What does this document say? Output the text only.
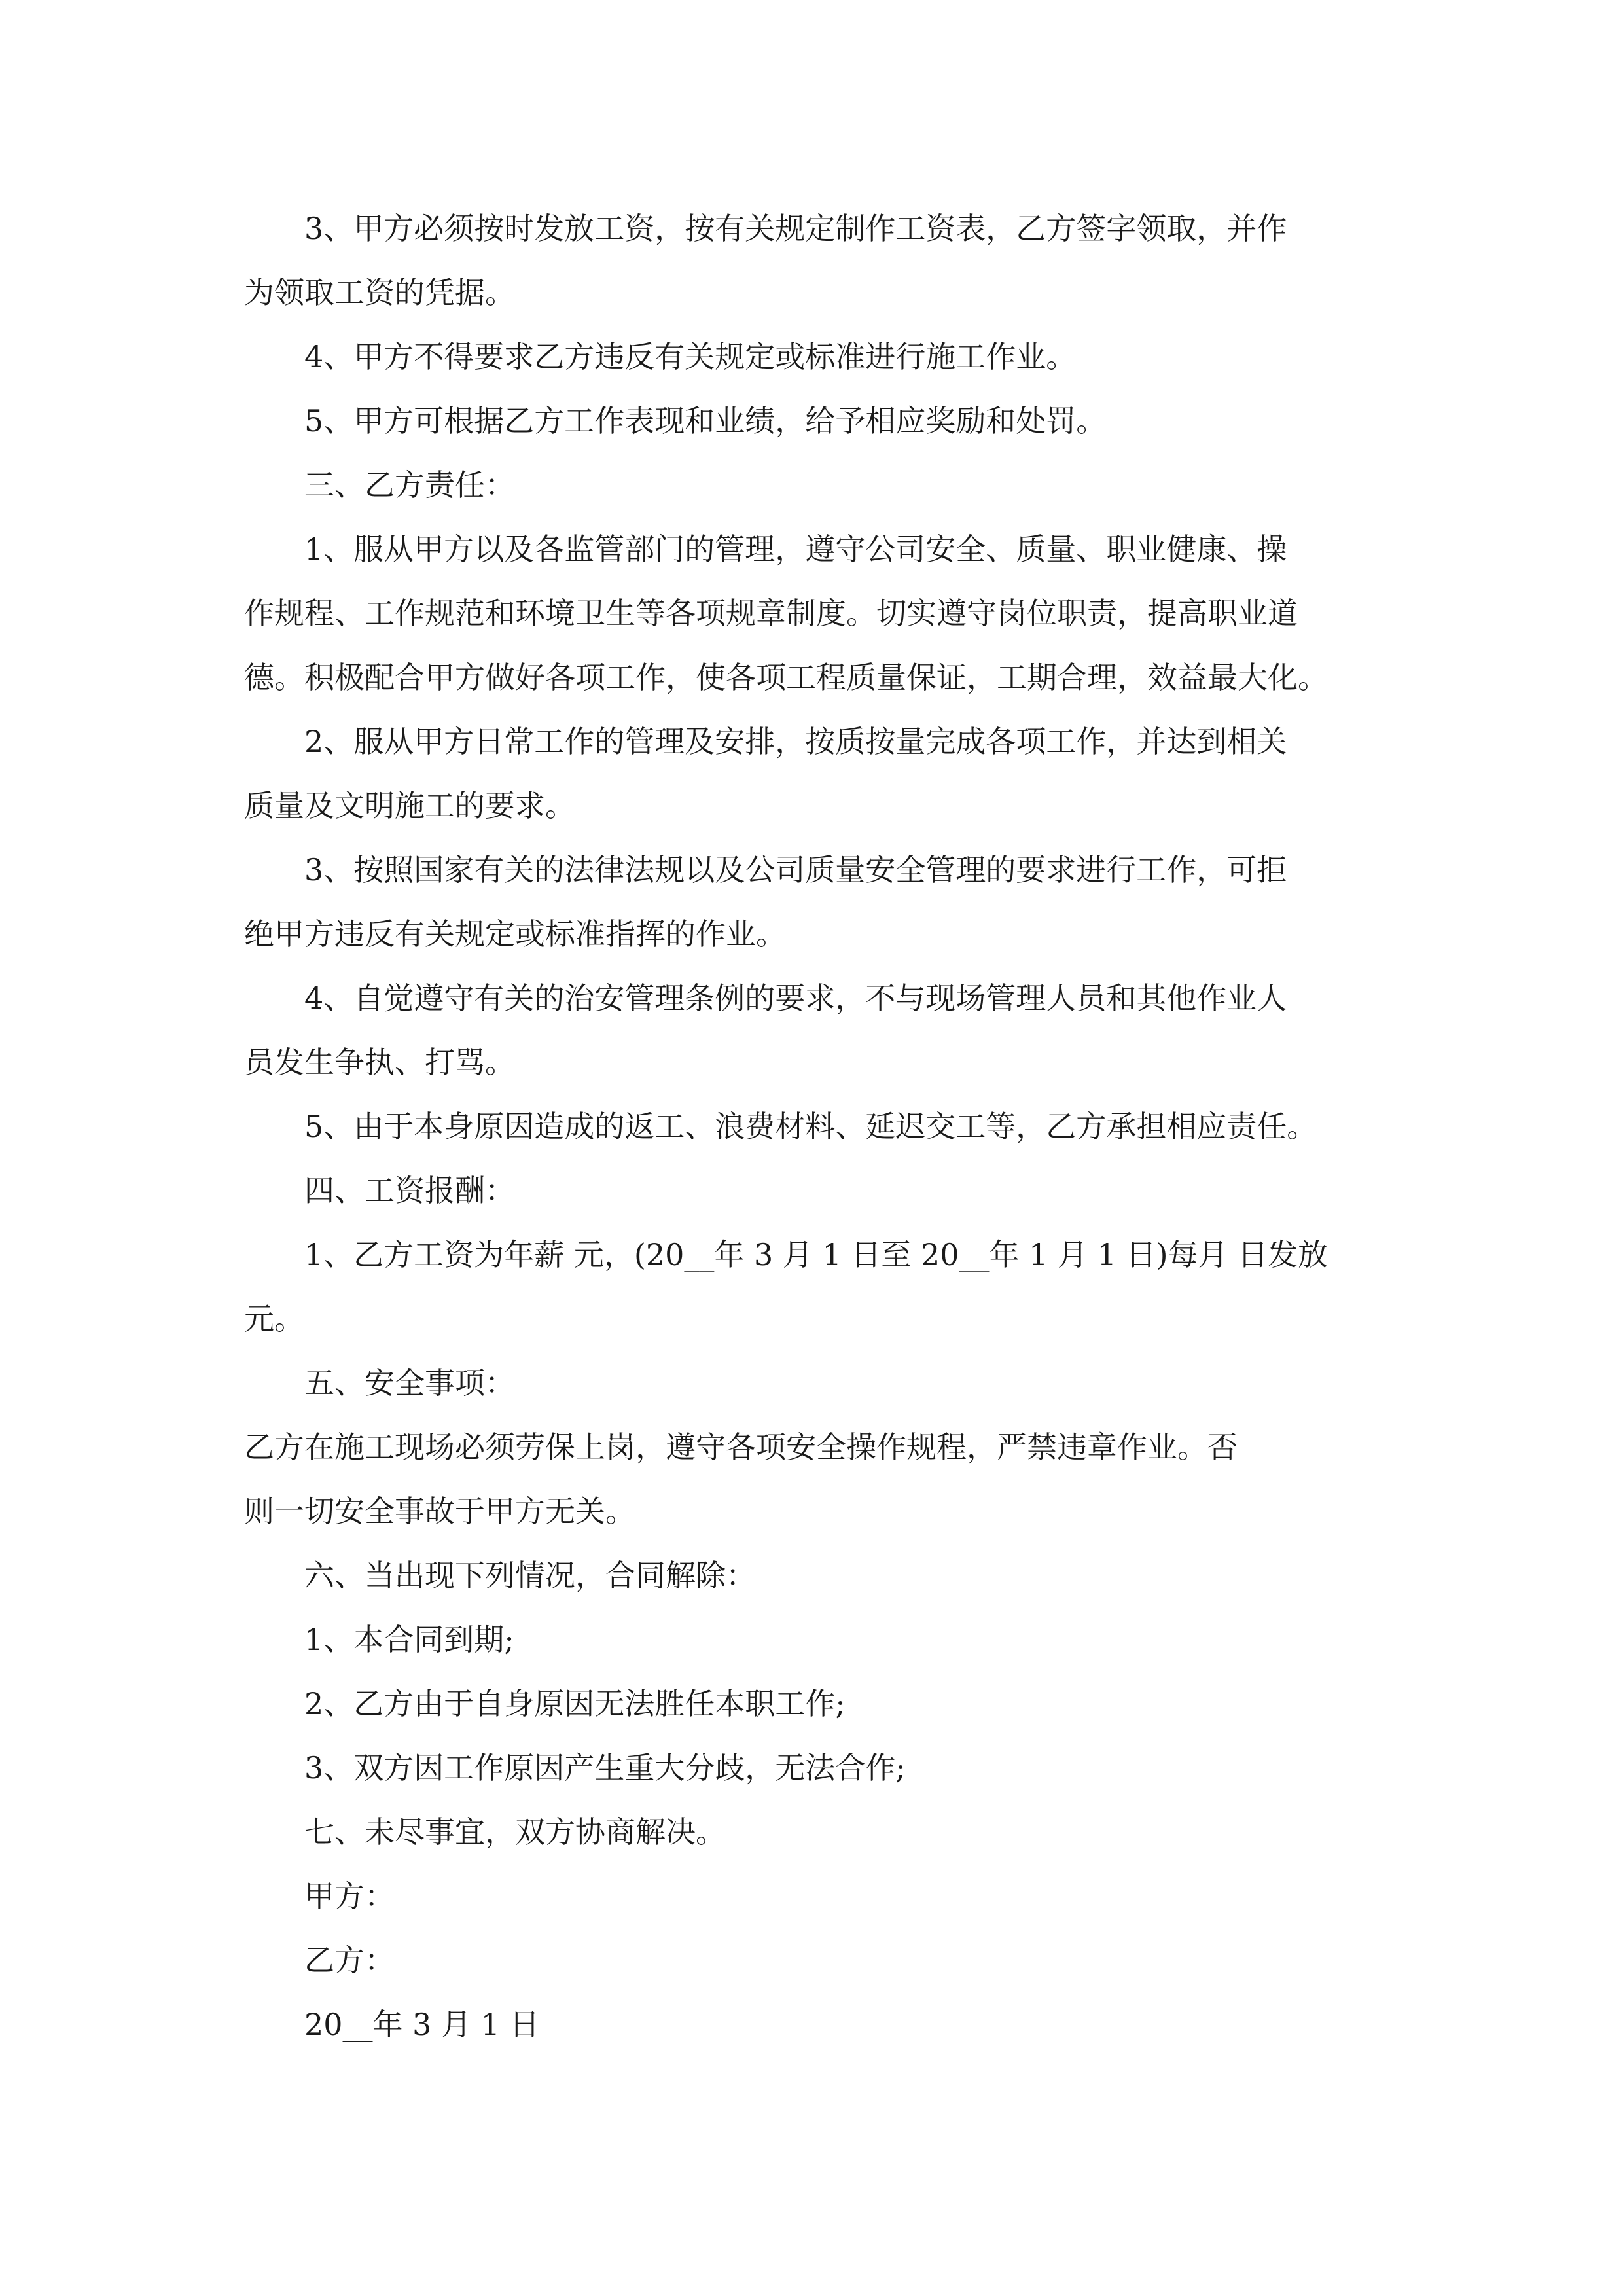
3、甲方必须按时发放工资，按有关规定制作工资表，乙方签字领取，并作
为领取工资的凭据。

4、甲方不得要求乙方违反有关规定或标准进行施工作业。

5、甲方可根据乙方工作表现和业绩，给予相应奖励和处罚。

三、乙方责任：

1、服从甲方以及各监管部门的管理，遵守公司安全、质量、职业健康、操
作规程、工作规范和环境卫生等各项规章制度。切实遵守岗位职责，提高职业道
德。积极配合甲方做好各项工作，使各项工程质量保证，工期合理，效益最大化。

2、服从甲方日常工作的管理及安排，按质按量完成各项工作，并达到相关
质量及文明施工的要求。

3、按照国家有关的法律法规以及公司质量安全管理的要求进行工作，可拒
绝甲方违反有关规定或标准指挥的作业。

4、自觉遵守有关的治安管理条例的要求，不与现场管理人员和其他作业人
员发生争执、打骂。

5、由于本身原因造成的返工、浪费材料、延迟交工等，乙方承担相应责任。

四、工资报酬：

1、乙方工资为年薪 元，(20__年 3 月 1 日至 20__年 1 月 1 日)每月 日发放
元。

五、安全事项：

乙方在施工现场必须劳保上岗，遵守各项安全操作规程，严禁违章作业。否
则一切安全事故于甲方无关。

六、当出现下列情况，合同解除：

1、本合同到期;

2、乙方由于自身原因无法胜任本职工作;

3、双方因工作原因产生重大分歧，无法合作;

七、未尽事宜，双方协商解决。

甲方：

乙方：

20__年 3 月 1 日
